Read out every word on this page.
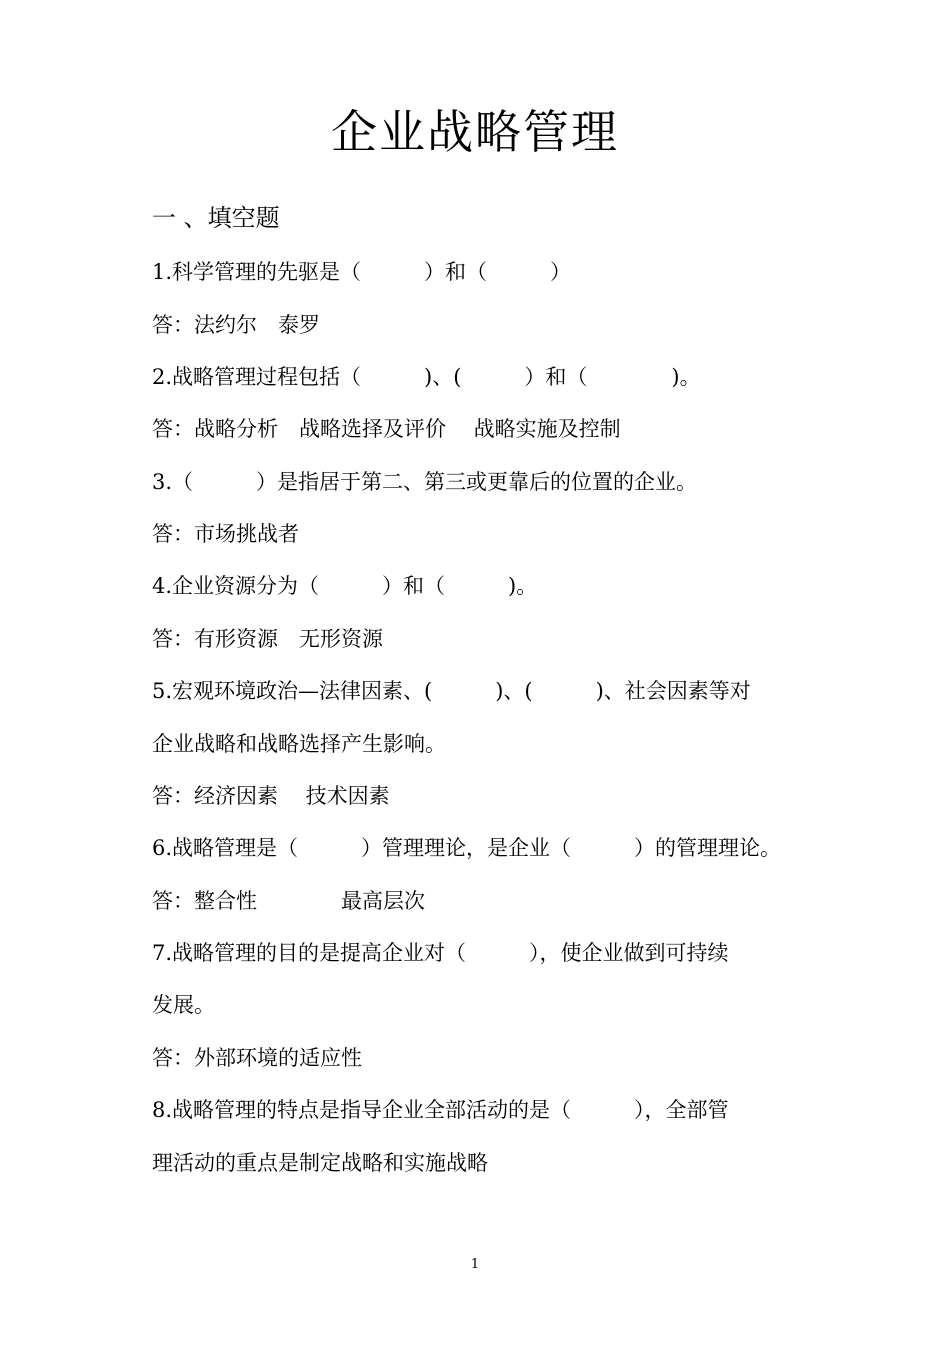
企业战略管理
一 、填空题
1.科学管理的先驱是（　　　）和（　　　）
答：法约尔　泰罗
2.战略管理过程包括（　　　)、(　　　）和（　　　　)。
答：战略分析　战略选择及评价　 战略实施及控制
3.（　　　）是指居于第二、第三或更靠后的位置的企业。
答：市场挑战者
4.企业资源分为（　　　）和（　　　)。
答：有形资源　无形资源
5.宏观环境政治—法律因素、(　　　)、(　　　)、社会因素等对
企业战略和战略选择产生影响。
答：经济因素　 技术因素
6.战略管理是（　　　）管理理论，是企业（　　　）的管理理论。
答：整合性　　　　最高层次
7.战略管理的目的是提高企业对（　　　），使企业做到可持续
发展。
答：外部环境的适应性
8.战略管理的特点是指导企业全部活动的是（　　　），全部管
理活动的重点是制定战略和实施战略
1
